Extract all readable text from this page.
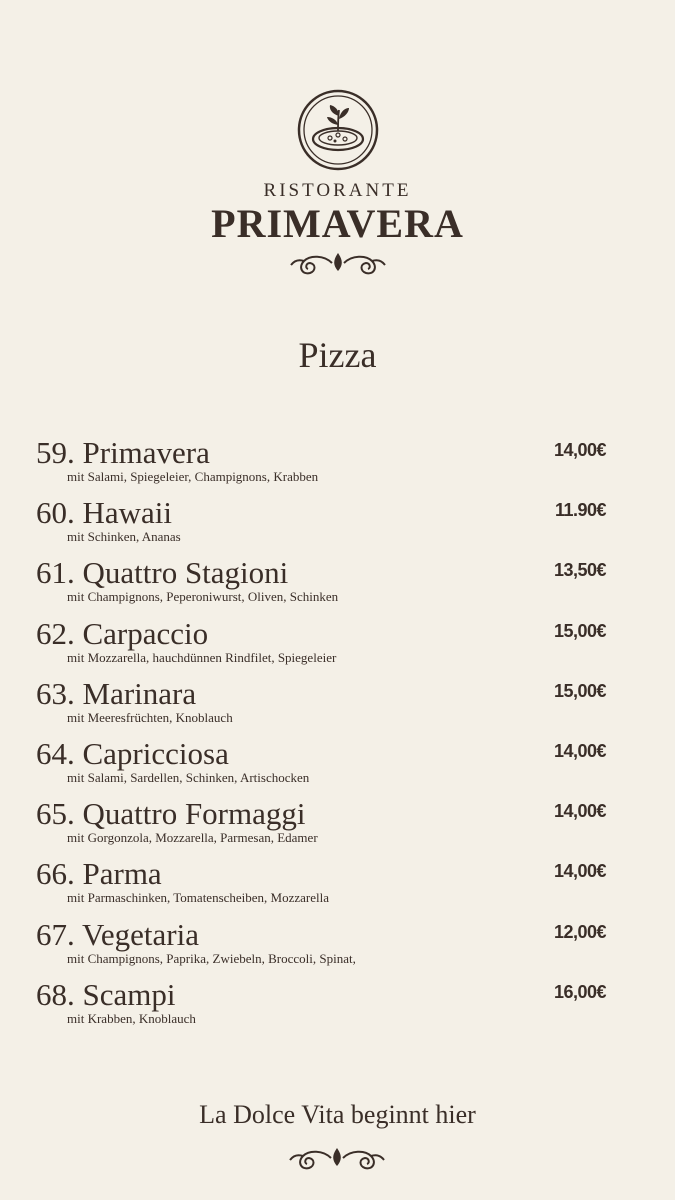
RISTORANTE
PRIMAVERA
Pizza
59. Primavera
mit Salami, Spiegeleier, Champignons, Krabben
14,00€
60. Hawaii
mit Schinken, Ananas
11.90€
61. Quattro Stagioni
mit Champignons, Peperoniwurst, Oliven, Schinken
13,50€
62. Carpaccio
mit Mozzarella, hauchdünnen Rindfilet, Spiegeleier
15,00€
63. Marinara
mit Meeresfrüchten, Knoblauch
15,00€
64. Capricciosa
mit Salami, Sardellen, Schinken, Artischocken
14,00€
65. Quattro Formaggi
mit Gorgonzola, Mozzarella, Parmesan, Edamer
14,00€
66. Parma
mit Parmaschinken, Tomatenscheiben, Mozzarella
14,00€
67. Vegetaria
mit Champignons, Paprika, Zwiebeln, Broccoli, Spinat,
12,00€
68. Scampi
mit Krabben, Knoblauch
16,00€
La Dolce Vita beginnt hier
